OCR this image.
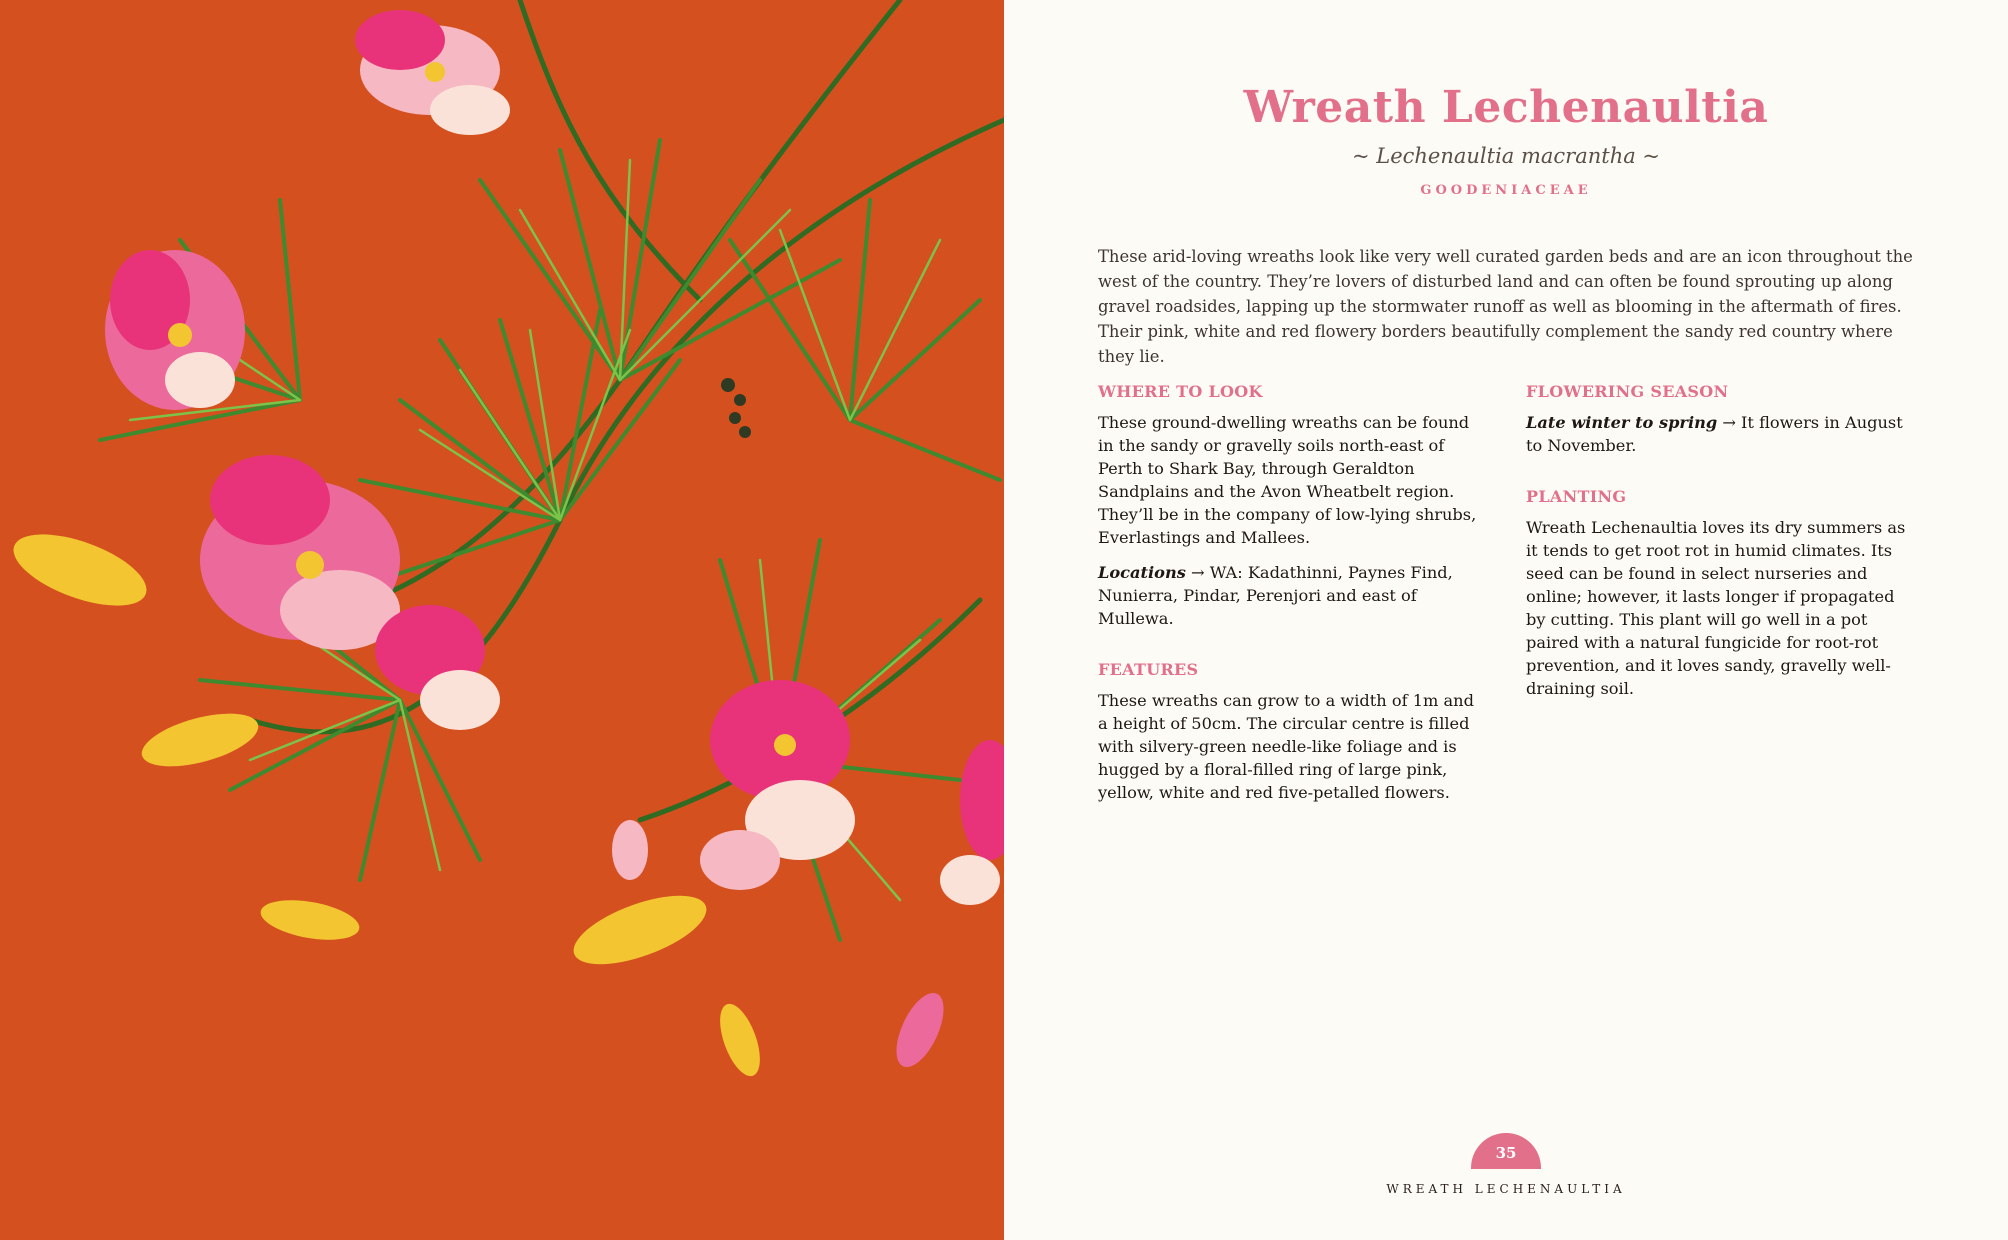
Wreath Lechenaultia
~ Lechenaultia macrantha ~
GOODENIACEAE
These arid-loving wreaths look like very well curated garden beds and are an icon throughout the west of the country. They’re lovers of disturbed land and can often be found sprouting up along gravel roadsides, lapping up the stormwater runoff as well as blooming in the aftermath of fires. Their pink, white and red flowery borders beautifully complement the sandy red country where they lie.
WHERE TO LOOK

These ground-dwelling wreaths can be found in the sandy or gravelly soils north-east of Perth to Shark Bay, through Geraldton Sandplains and the Avon Wheatbelt region. They’ll be in the company of low-lying shrubs, Everlastings and Mallees.

Locations → WA: Kadathinni, Paynes Find, Nunierra, Pindar, Perenjori and east of Mullewa.

FEATURES

These wreaths can grow to a width of 1m and a height of 50cm. The circular centre is filled with silvery-green needle-like foliage and is hugged by a floral-filled ring of large pink, yellow, white and red five-petalled flowers.

FLOWERING SEASON

Late winter to spring → It flowers in August to November.

PLANTING

Wreath Lechenaultia loves its dry summers as it tends to get root rot in humid climates. Its seed can be found in select nurseries and online; however, it lasts longer if propagated by cutting. This plant will go well in a pot paired with a natural fungicide for root-rot prevention, and it loves sandy, gravelly well-draining soil.

35
WREATH LECHENAULTIA
